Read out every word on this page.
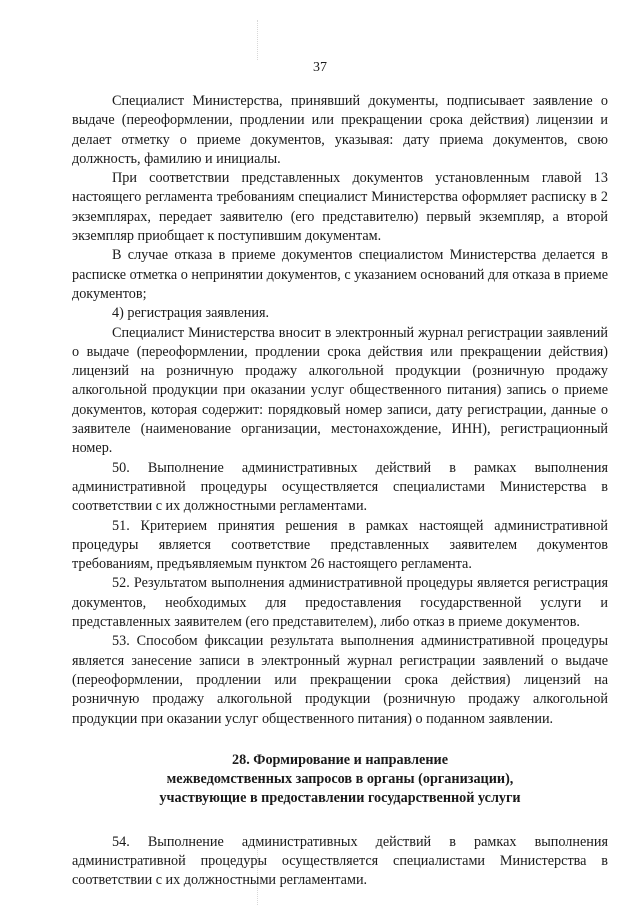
37

Специалист Министерства, принявший документы, подписывает заявление о выдаче (переоформлении, продлении или прекращении срока действия) лицензии и делает отметку о приеме документов, указывая: дату приема документов, свою должность, фамилию и инициалы.

При соответствии представленных документов установленным главой 13 настоящего регламента требованиям специалист Министерства оформляет расписку в 2 экземплярах, передает заявителю (его представителю) первый экземпляр, а второй экземпляр приобщает к поступившим документам.

В случае отказа в приеме документов специалистом Министерства делается в расписке отметка о непринятии документов, с указанием оснований для отказа в приеме документов;

4) регистрация заявления.

Специалист Министерства вносит в электронный журнал регистрации заявлений о выдаче (переоформлении, продлении срока действия или прекращении действия) лицензий на розничную продажу алкогольной продукции (розничную продажу алкогольной продукции при оказании услуг общественного питания) запись о приеме документов, которая содержит: порядковый номер записи, дату регистрации, данные о заявителе (наименование организации, местонахождение, ИНН), регистрационный номер.

50. Выполнение административных действий в рамках выполнения административной процедуры осуществляется специалистами Министерства в соответствии с их должностными регламентами.

51. Критерием принятия решения в рамках настоящей административной процедуры является соответствие представленных заявителем документов требованиям, предъявляемым пунктом 26 настоящего регламента.

52. Результатом выполнения административной процедуры является регистрация документов, необходимых для предоставления государственной услуги и представленных заявителем (его представителем), либо отказ в приеме документов.

53. Способом фиксации результата выполнения административной процедуры является занесение записи в электронный журнал регистрации заявлений о выдаче (переоформлении, продлении или прекращении срока действия) лицензий на розничную продажу алкогольной продукции (розничную продажу алкогольной продукции при оказании услуг общественного питания) о поданном заявлении.

28. Формирование и направление
межведомственных запросов в органы (организации),
участвующие в предоставлении государственной услуги

54. Выполнение административных действий в рамках выполнения административной процедуры осуществляется специалистами Министерства в соответствии с их должностными регламентами.
